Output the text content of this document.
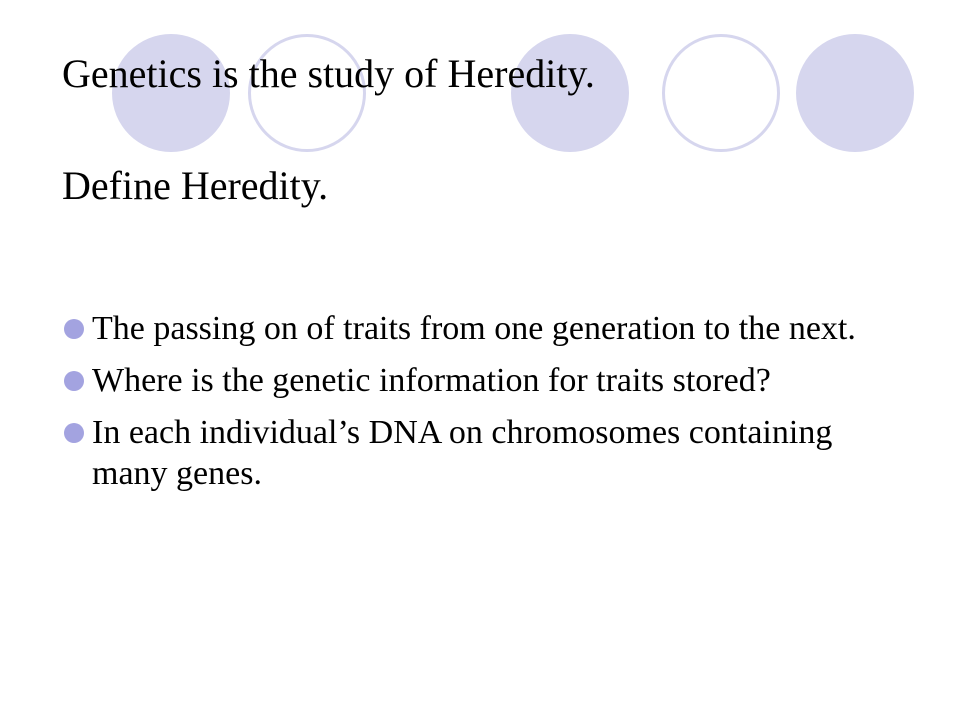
Genetics is the study of Heredity.
Define Heredity.
The passing on of traits from one generation to the next.
Where is the genetic information for traits stored?
In each individual’s DNA on chromosomes containing many genes.
